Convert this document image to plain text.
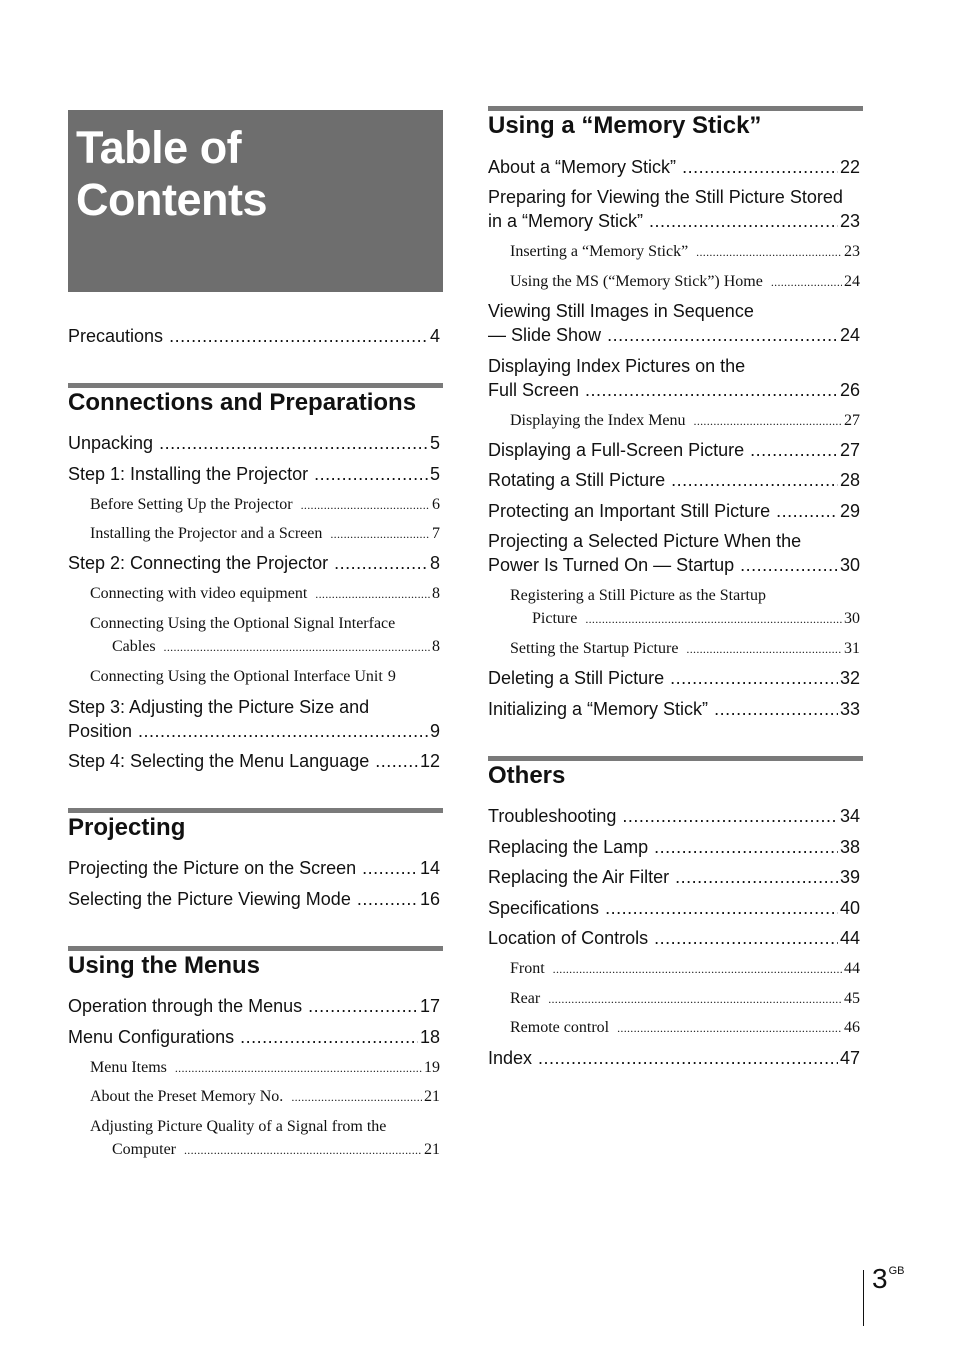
Table of Contents
Precautions .....	4
Connections and Preparations
Unpacking .....	5
Step 1: Installing the Projector .....	5
Before Setting Up the Projector .....	6
Installing the Projector and a Screen .....	7
Step 2: Connecting the Projector .....	8
Connecting with video equipment .....	8
Connecting Using the Optional Signal Interface
Cables .....	8
Connecting Using the Optional Interface Unit 9
Step 3: Adjusting the Picture Size and
Position .....	9
Step 4: Selecting the Menu Language .....	12
Projecting
Projecting the Picture on the Screen .....	14
Selecting the Picture Viewing Mode .....	16
Using the Menus
Operation through the Menus .....	17
Menu Configurations .....	18
Menu Items .....	19
About the Preset Memory No. .....	21
Adjusting Picture Quality of a Signal from the
Computer .....	21
Using a “Memory Stick”
About a “Memory Stick” .....	22
Preparing for Viewing the Still Picture Stored
in a “Memory Stick” .....	23
Inserting a “Memory Stick” .....	23
Using the MS (“Memory Stick”) Home .....	24
Viewing Still Images in Sequence
— Slide Show .....	24
Displaying Index Pictures on the
Full Screen .....	26
Displaying the Index Menu .....	27
Displaying a Full-Screen Picture .....	27
Rotating a Still Picture .....	28
Protecting an Important Still Picture .....	29
Projecting a Selected Picture When the
Power Is Turned On — Startup .....	30
Registering a Still Picture as the Startup
Picture .....	30
Setting the Startup Picture .....	31
Deleting a Still Picture .....	32
Initializing a “Memory Stick” .....	33
Others
Troubleshooting .....	34
Replacing the Lamp .....	38
Replacing the Air Filter .....	39
Specifications .....	40
Location of Controls .....	44
Front .....	44
Rear .....	45
Remote control .....	46
Index .....	47
$3^{GB}$
